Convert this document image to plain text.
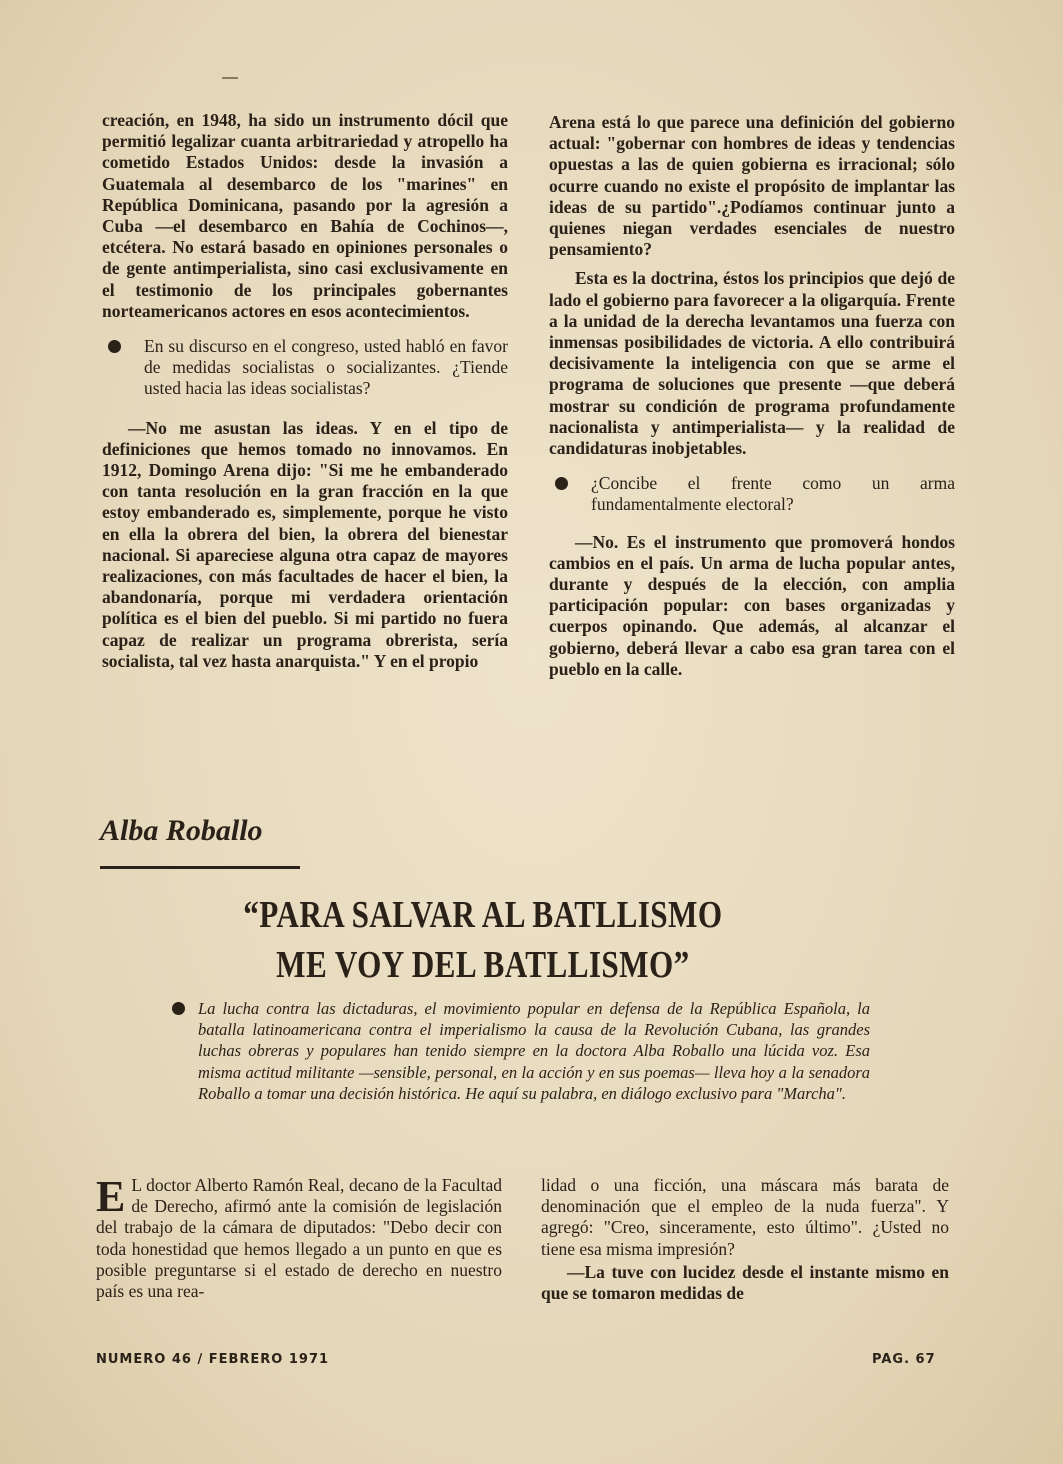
creación, en 1948, ha sido un instrumento dócil que permitió legalizar cuanta arbitrariedad y atropello ha cometido Estados Unidos: desde la invasión a Guatemala al desembarco de los "marines" en República Dominicana, pasando por la agresión a Cuba —el desembarco en Bahía de Cochinos—, etcétera. No estará basado en opiniones personales o de gente antimperialista, sino casi exclusivamente en el testimonio de los principales gobernantes norteamericanos actores en esos acontecimientos.

En su discurso en el congreso, usted habló en favor de medidas socialistas o socializantes. ¿Tiende usted hacia las ideas socialistas?

—No me asustan las ideas. Y en el tipo de definiciones que hemos tomado no innovamos. En 1912, Domingo Arena dijo: "Si me he embanderado con tanta resolución en la gran fracción en la que estoy embanderado es, simplemente, porque he visto en ella la obrera del bien, la obrera del bienestar nacional. Si apareciese alguna otra capaz de mayores realizaciones, con más facultades de hacer el bien, la abandonaría, porque mi verdadera orientación política es el bien del pueblo. Si mi partido no fuera capaz de realizar un programa obrerista, sería socialista, tal vez hasta anarquista." Y en el propio

Arena está lo que parece una definición del gobierno actual: "gobernar con hombres de ideas y tendencias opuestas a las de quien gobierna es irracional; sólo ocurre cuando no existe el propósito de implantar las ideas de su partido".¿Podíamos continuar junto a quienes niegan verdades esenciales de nuestro pensamiento?

Esta es la doctrina, éstos los principios que dejó de lado el gobierno para favorecer a la oligarquía. Frente a la unidad de la derecha levantamos una fuerza con inmensas posibilidades de victoria. A ello contribuirá decisivamente la inteligencia con que se arme el programa de soluciones que presente —que deberá mostrar su condición de programa profundamente nacionalista y antimperialista— y la realidad de candidaturas inobjetables.

¿Concibe el frente como un arma fundamentalmente electoral?

—No. Es el instrumento que promoverá hondos cambios en el país. Un arma de lucha popular antes, durante y después de la elección, con amplia participación popular: con bases organizadas y cuerpos opinando. Que además, al alcanzar el gobierno, deberá llevar a cabo esa gran tarea con el pueblo en la calle.

Alba Roballo
“PARA SALVAR AL BATLLISMO
ME VOY DEL BATLLISMO”
La lucha contra las dictaduras, el movimiento popular en defensa de la República Española, la batalla latinoamericana contra el imperialismo la causa de la Revolución Cubana, las grandes luchas obreras y populares han tenido siempre en la doctora Alba Roballo una lúcida voz. Esa misma actitud militante —sensible, personal, en la acción y en sus poemas— lleva hoy a la senadora Roballo a tomar una decisión histórica. He aquí su palabra, en diálogo exclusivo para "Marcha".
E L doctor Alberto Ramón Real, decano de la Facultad de Derecho, afirmó ante la comisión de legislación del trabajo de la cámara de diputados: "Debo decir con toda honestidad que hemos llegado a un punto en que es posible preguntarse si el estado de derecho en nuestro país es una rea-

lidad o una ficción, una máscara más barata de denominación que el empleo de la nuda fuerza". Y agregó: "Creo, sinceramente, esto último". ¿Usted no tiene esa misma impresión?

—La tuve con lucidez desde el instante mismo en que se tomaron medidas de

NUMERO 46 / FEBRERO 1971	PAG. 67
